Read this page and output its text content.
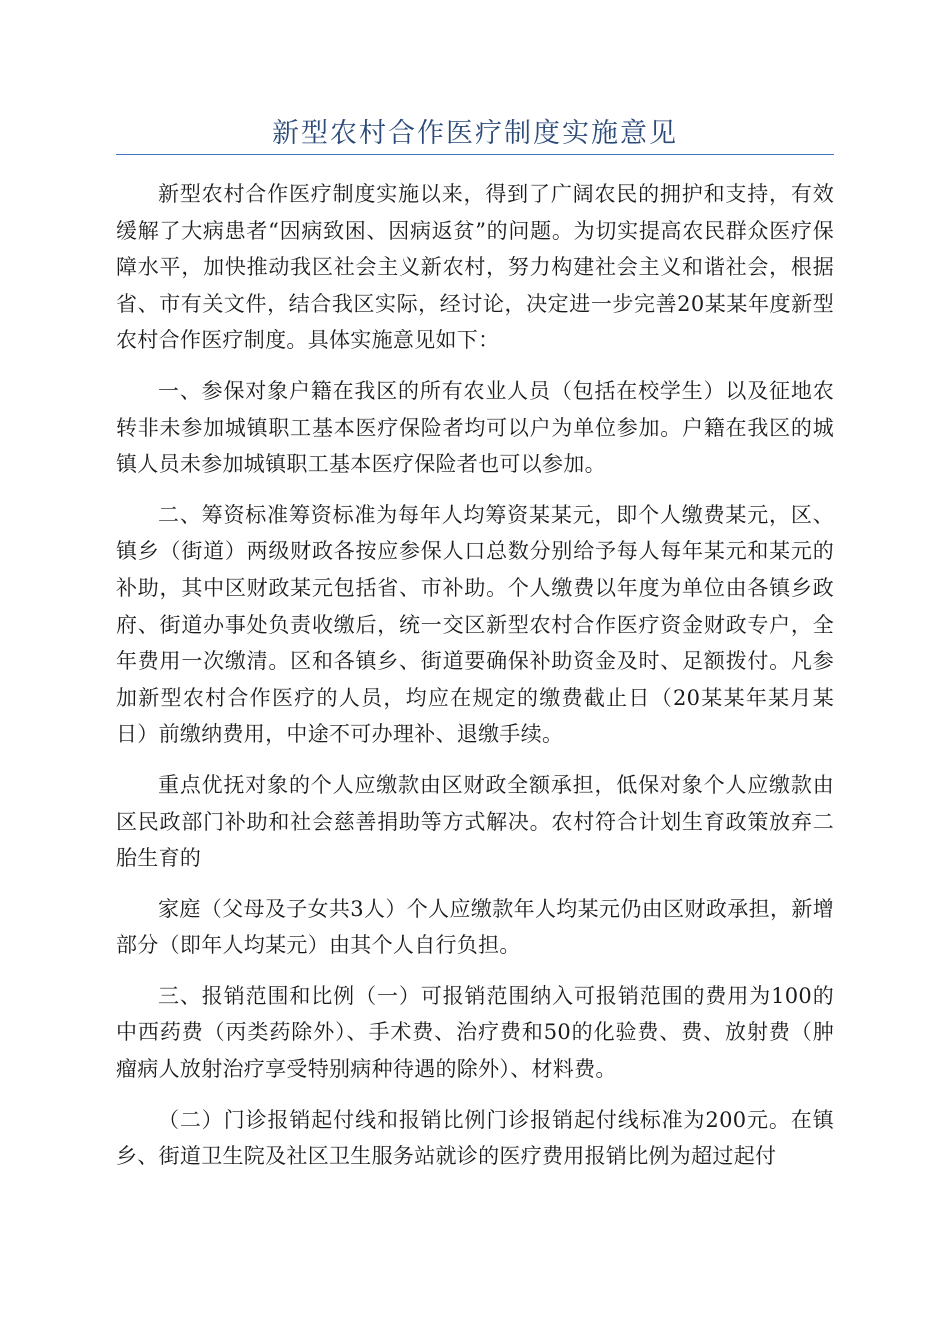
新型农村合作医疗制度实施意见

新型农村合作医疗制度实施以来，得到了广阔农民的拥护和支持，有效缓解了大病患者“因病致困、因病返贫”的问题。为切实提高农民群众医疗保障水平，加快推动我区社会主义新农村，努力构建社会主义和谐社会，根据省、市有关文件，结合我区实际，经讨论，决定进一步完善20某某年度新型农村合作医疗制度。具体实施意见如下：

一、参保对象户籍在我区的所有农业人员（包括在校学生）以及征地农转非未参加城镇职工基本医疗保险者均可以户为单位参加。户籍在我区的城镇人员未参加城镇职工基本医疗保险者也可以参加。

二、筹资标准筹资标准为每年人均筹资某某元，即个人缴费某元，区、镇乡（街道）两级财政各按应参保人口总数分别给予每人每年某元和某元的补助，其中区财政某元包括省、市补助。个人缴费以年度为单位由各镇乡政府、街道办事处负责收缴后，统一交区新型农村合作医疗资金财政专户，全年费用一次缴清。区和各镇乡、街道要确保补助资金及时、足额拨付。凡参加新型农村合作医疗的人员，均应在规定的缴费截止日（20某某年某月某日）前缴纳费用，中途不可办理补、退缴手续。

重点优抚对象的个人应缴款由区财政全额承担，低保对象个人应缴款由区民政部门补助和社会慈善捐助等方式解决。农村符合计划生育政策放弃二胎生育的

家庭（父母及子女共3人）个人应缴款年人均某元仍由区财政承担，新增部分（即年人均某元）由其个人自行负担。

三、报销范围和比例（一）可报销范围纳入可报销范围的费用为100的中西药费（丙类药除外）、手术费、治疗费和50的化验费、费、放射费（肿瘤病人放射治疗享受特别病种待遇的除外）、材料费。

（二）门诊报销起付线和报销比例门诊报销起付线标准为200元。在镇乡、街道卫生院及社区卫生服务站就诊的医疗费用报销比例为超过起付
